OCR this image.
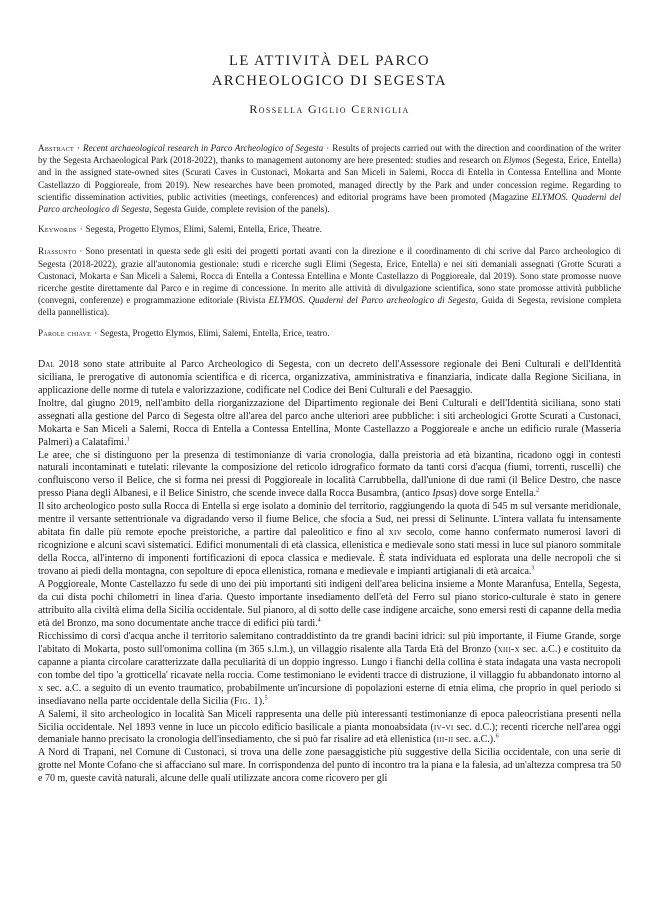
LE ATTIVITÀ DEL PARCO
ARCHEOLOGICO DI SEGESTA
Rossella Giglio Cerniglia

Abstract · Recent archaeological research in Parco Archeologico of Segesta · Results of projects carried out with the direction and coordination of the writer by the Segesta Archaeological Park (2018-2022), thanks to management autonomy are here presented: studies and research on Elymos (Segesta, Erice, Entella) and in the assigned state-owned sites (Scurati Caves in Custonaci, Mokarta and San Miceli in Salemi, Rocca di Entella in Contessa Entellina and Monte Castellazzo di Poggioreale, from 2019). New researches have been promoted, managed directly by the Park and under concession regime. Regarding to scientific dissemination activities, public activities (meetings, conferences) and editorial programs have been promoted (Magazine ELYMOS. Quaderni del Parco archeologico di Segesta, Segesta Guide, complete revision of the panels).

Keywords · Segesta, Progetto Elymos, Elimi, Salemi, Entella, Erice, Theatre.

Riassunto · Sono presentati in questa sede gli esiti dei progetti portati avanti con la direzione e il coordinamento di chi scrive dal Parco archeologico di Segesta (2018-2022), grazie all'autonomia gestionale: studi e ricerche sugli Elimi (Segesta, Erice, Entella) e nei siti demaniali assegnati (Grotte Scurati a Custonaci, Mokarta e San Miceli a Salemi, Rocca di Entella a Contessa Entellina e Monte Castellazzo di Poggioreale, dal 2019). Sono state promosse nuove ricerche gestite direttamente dal Parco e in regime di concessione. In merito alle attività di divulgazione scientifica, sono state promosse attività pubbliche (convegni, conferenze) e programmazione editoriale (Rivista ELYMOS. Quaderni del Parco archeologico di Segesta, Guida di Segesta, revisione completa della pannellistica).

Parole chiave · Segesta, Progetto Elymos, Elimi, Salemi, Entella, Erice, teatro.

Dal 2018 sono state attribuite al Parco Archeologico di Segesta, con un decreto dell'Assessore regionale dei Beni Culturali e dell'Identità siciliana, le prerogative di autonomia scientifica e di ricerca, organizzativa, amministrativa e finanziaria, indicate dalla Regione Siciliana, in applicazione delle norme di tutela e valorizzazione, codificate nel Codice dei Beni Culturali e del Paesaggio.

Inoltre, dal giugno 2019, nell'ambito della riorganizzazione del Dipartimento regionale dei Beni Culturali e dell'Identità siciliana, sono stati assegnati alla gestione del Parco di Segesta oltre all'area del parco anche ulteriori aree pubbliche: i siti archeologici Grotte Scurati a Custonaci, Mokarta e San Miceli a Salemi, Rocca di Entella a Contessa Entellina, Monte Castellazzo a Poggioreale e anche un edificio rurale (Masseria Palmeri) a Calatafimi.$^1$

Le aree, che si distinguono per la presenza di testimonianze di varia cronologia, dalla preistoria ad età bizantina, ricadono oggi in contesti naturali incontaminati e tutelati: rilevante la composizione del reticolo idrografico formato da tanti corsi d'acqua (fiumi, torrenti, ruscelli) che confluiscono verso il Belice, che si forma nei pressi di Poggioreale in località Carrubbella, dall'unione di due rami (il Belice Destro, che nasce presso Piana degli Albanesi, e il Belice Sinistro, che scende invece dalla Rocca Busambra, (antico Ipsas) dove sorge Entella.$^2$

Il sito archeologico posto sulla Rocca di Entella si erge isolato a dominio del territorio, raggiungendo la quota di 545 m sul versante meridionale, mentre il versante settentrionale va digradando verso il fiume Belice, che sfocia a Sud, nei pressi di Selinunte. L'intera vallata fu intensamente abitata fin dalle più remote epoche preistoriche, a partire dal paleolitico e fino al xiv secolo, come hanno confermato numerosi lavori di ricognizione e alcuni scavi sistematici. Edifici monumentali di età classica, ellenistica e medievale sono stati messi in luce sul pianoro sommitale della Rocca, all'interno di imponenti fortificazioni di epoca classica e medievale. È stata individuata ed esplorata una delle necropoli che si trovano ai piedi della montagna, con sepolture di epoca ellenistica, romana e medievale e impianti artigianali di età arcaica.$^3$

A Poggioreale, Monte Castellazzo fu sede di uno dei più importanti siti indigeni dell'area belicina insieme a Monte Maranfusa, Entella, Segesta, da cui dista pochi chilometri in linea d'aria. Questo importante insediamento dell'età del Ferro sul piano storico-culturale è stato in genere attribuito alla civiltà elima della Sicilia occidentale. Sul pianoro, al di sotto delle case indigene arcaiche, sono emersi resti di capanne della media età del Bronzo, ma sono documentate anche tracce di edifici più tardi.$^4$

Ricchissimo di corsi d'acqua anche il territorio salemitano contraddistinto da tre grandi bacini idrici: sul più importante, il Fiume Grande, sorge l'abitato di Mokarta, posto sull'omonima collina (m 365 s.l.m.), un villaggio risalente alla Tarda Età del Bronzo (xiii-x sec. a.C.) e costituito da capanne a pianta circolare caratterizzate dalla peculiarità di un doppio ingresso. Lungo i fianchi della collina è stata indagata una vasta necropoli con tombe del tipo 'a grotticella' ricavate nella roccia. Come testimoniano le evidenti tracce di distruzione, il villaggio fu abbandonato intorno al x sec. a.C. a seguito di un evento traumatico, probabilmente un'incursione di popolazioni esterne di etnia elima, che proprio in quel periodo si insediavano nella parte occidentale della Sicilia (Fig. 1).$^5$

A Salemi, il sito archeologico in località San Miceli rappresenta una delle più interessanti testimonianze di epoca paleocristiana presenti nella Sicilia occidentale. Nel 1893 venne in luce un piccolo edificio basilicale a pianta monoabsidata (iv-vi sec. d.C.); recenti ricerche nell'area oggi demaniale hanno precisato la cronologia dell'insediamento, che si può far risalire ad età ellenistica (iii-ii sec. a.C.).$^6$

A Nord di Trapani, nel Comune di Custonaci, si trova una delle zone paesaggistiche più suggestive della Sicilia occidentale, con una serie di grotte nel Monte Cofano che si affacciano sul mare. In corrispondenza del punto di incontro tra la piana e la falesia, ad un'altezza compresa tra 50 e 70 m, queste cavità naturali, alcune delle quali utilizzate ancora come ricovero per gli
